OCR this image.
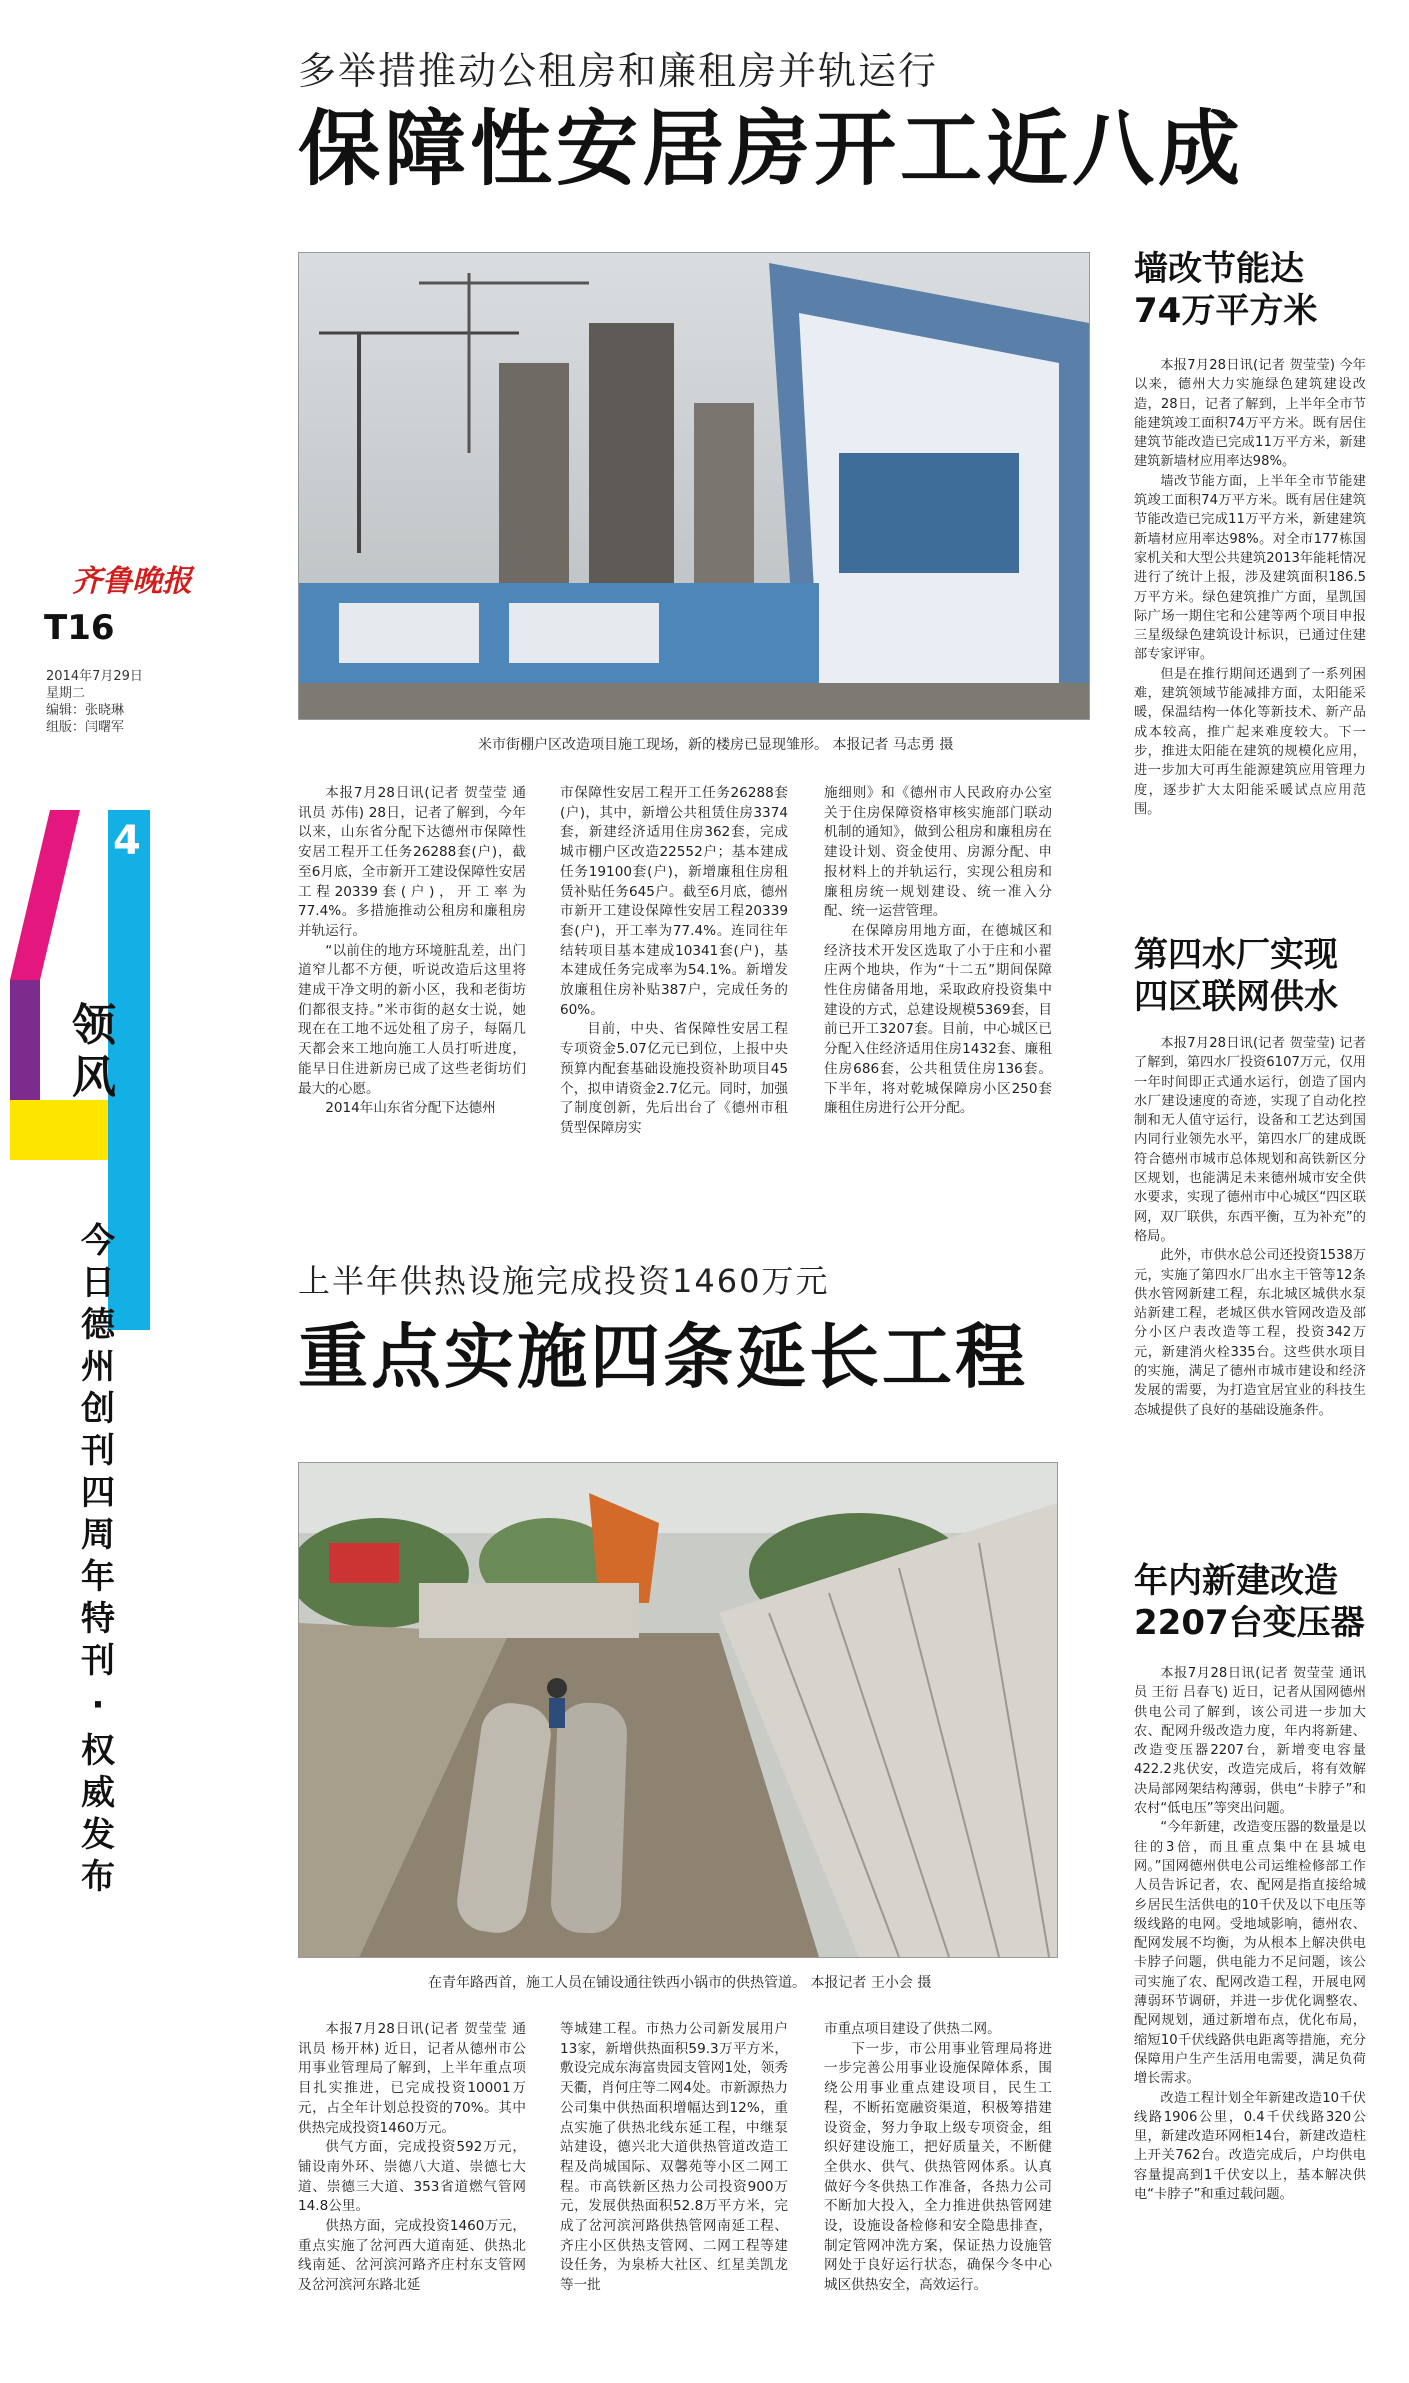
齐鲁晚报
T16
2014年7月29日
星期二
编辑：张晓琳
组版：闫曙军
4
领风
今日德州创刊四周年特刊
·
权威发布
多举措推动公租房和廉租房并轨运行
保障性安居房开工近八成
米市街棚户区改造项目施工现场，新的楼房已显现雏形。 本报记者 马志勇 摄

本报7月28日讯(记者 贺莹莹 通讯员 苏伟) 28日，记者了解到，今年以来，山东省分配下达德州市保障性安居工程开工任务26288套(户)，截至6月底，全市新开工建设保障性安居工程20339套(户)，开工率为77.4%。多措施推动公租房和廉租房并轨运行。

“以前住的地方环境脏乱差，出门道窄儿都不方便，听说改造后这里将建成干净文明的新小区，我和老街坊们都很支持。”米市街的赵女士说，她现在在工地不远处租了房子，每隔几天都会来工地向施工人员打听进度，能早日住进新房已成了这些老街坊们最大的心愿。

2014年山东省分配下达德州

市保障性安居工程开工任务26288套(户)，其中，新增公共租赁住房3374套，新建经济适用住房362套，完成城市棚户区改造22552户；基本建成任务19100套(户)，新增廉租住房租赁补贴任务645户。截至6月底，德州市新开工建设保障性安居工程20339套(户)，开工率为77.4%。连同往年结转项目基本建成10341套(户)，基本建成任务完成率为54.1%。新增发放廉租住房补贴387户，完成任务的60%。

目前，中央、省保障性安居工程专项资金5.07亿元已到位，上报中央预算内配套基础设施投资补助项目45个，拟申请资金2.7亿元。同时，加强了制度创新，先后出台了《德州市租赁型保障房实

施细则》和《德州市人民政府办公室关于住房保障资格审核实施部门联动机制的通知》，做到公租房和廉租房在建设计划、资金使用、房源分配、申报材料上的并轨运行，实现公租房和廉租房统一规划建设、统一准入分配、统一运营管理。

在保障房用地方面，在德城区和经济技术开发区选取了小于庄和小翟庄两个地块，作为“十二五”期间保障性住房储备用地，采取政府投资集中建设的方式，总建设规模5369套，目前已开工3207套。目前，中心城区已分配入住经济适用住房1432套、廉租住房686套，公共租赁住房136套。下半年，将对乾城保障房小区250套廉租住房进行公开分配。

上半年供热设施完成投资1460万元
重点实施四条延长工程
在青年路西首，施工人员在铺设通往铁西小锅市的供热管道。 本报记者 王小会 摄

本报7月28日讯(记者 贺莹莹 通讯员 杨开林) 近日，记者从德州市公用事业管理局了解到，上半年重点项目扎实推进，已完成投资10001万元，占全年计划总投资的70%。其中供热完成投资1460万元。

供气方面，完成投资592万元，铺设南外环、崇德八大道、崇德七大道、崇德三大道、353省道燃气管网14.8公里。

供热方面，完成投资1460万元，重点实施了岔河西大道南延、供热北线南延、岔河滨河路齐庄村东支管网及岔河滨河东路北延

等城建工程。市热力公司新发展用户13家，新增供热面积59.3万平方米，敷设完成东海富贵园支管网1处，领秀天衢，肖何庄等二网4处。市新源热力公司集中供热面积增幅达到12%，重点实施了供热北线东延工程，中继泵站建设，德兴北大道供热管道改造工程及尚城国际、双馨苑等小区二网工程。市高铁新区热力公司投资900万元，发展供热面积52.8万平方米，完成了岔河滨河路供热管网南延工程、齐庄小区供热支管网、二网工程等建设任务，为泉桥大社区、红星美凯龙等一批

市重点项目建设了供热二网。

下一步，市公用事业管理局将进一步完善公用事业设施保障体系，围绕公用事业重点建设项目，民生工程，不断拓宽融资渠道，积极筹措建设资金，努力争取上级专项资金，组织好建设施工，把好质量关，不断健全供水、供气、供热管网体系。认真做好今冬供热工作准备，各热力公司不断加大投入，全力推进供热管网建设，设施设备检修和安全隐患排查，制定管网冲洗方案，保证热力设施管网处于良好运行状态，确保今冬中心城区供热安全，高效运行。

墙改节能达
74万平方米

本报7月28日讯(记者 贺莹莹) 今年以来，德州大力实施绿色建筑建设改造，28日，记者了解到，上半年全市节能建筑竣工面积74万平方米。既有居住建筑节能改造已完成11万平方米，新建建筑新墙材应用率达98%。

墙改节能方面，上半年全市节能建筑竣工面积74万平方米。既有居住建筑节能改造已完成11万平方米，新建建筑新墙材应用率达98%。对全市177栋国家机关和大型公共建筑2013年能耗情况进行了统计上报，涉及建筑面积186.5万平方米。绿色建筑推广方面，星凯国际广场一期住宅和公建等两个项目申报三星级绿色建筑设计标识，已通过住建部专家评审。

但是在推行期间还遇到了一系列困难，建筑领域节能减排方面，太阳能采暖，保温结构一体化等新技术、新产品成本较高，推广起来难度较大。下一步，推进太阳能在建筑的规模化应用，进一步加大可再生能源建筑应用管理力度，逐步扩大太阳能采暖试点应用范围。

第四水厂实现
四区联网供水

本报7月28日讯(记者 贺莹莹) 记者了解到，第四水厂投资6107万元，仅用一年时间即正式通水运行，创造了国内水厂建设速度的奇迹，实现了自动化控制和无人值守运行，设备和工艺达到国内同行业领先水平，第四水厂的建成既符合德州市城市总体规划和高铁新区分区规划，也能满足未来德州城市安全供水要求，实现了德州市中心城区“四区联网，双厂联供，东西平衡，互为补充”的格局。

此外，市供水总公司还投资1538万元，实施了第四水厂出水主干管等12条供水管网新建工程，东北城区城供水泵站新建工程，老城区供水管网改造及部分小区户表改造等工程，投资342万元，新建消火栓335台。这些供水项目的实施，满足了德州市城市建设和经济发展的需要，为打造宜居宜业的科技生态城提供了良好的基础设施条件。

年内新建改造
2207台变压器

本报7月28日讯(记者 贺莹莹 通讯员 王衍 吕春飞) 近日，记者从国网德州供电公司了解到，该公司进一步加大农、配网升级改造力度，年内将新建、改造变压器2207台，新增变电容量422.2兆伏安，改造完成后，将有效解决局部网架结构薄弱，供电“卡脖子”和农村“低电压”等突出问题。

“今年新建，改造变压器的数量是以往的3倍，而且重点集中在县城电网。”国网德州供电公司运维检修部工作人员告诉记者，农、配网是指直接给城乡居民生活供电的10千伏及以下电压等级线路的电网。受地域影响，德州农、配网发展不均衡，为从根本上解决供电卡脖子问题，供电能力不足问题，该公司实施了农、配网改造工程，开展电网薄弱环节调研，并进一步优化调整农、配网规划，通过新增布点，优化布局，缩短10千伏线路供电距离等措施，充分保障用户生产生活用电需要，满足负荷增长需求。

改造工程计划全年新建改造10千伏线路1906公里，0.4千伏线路320公里，新建改造环网柜14台，新建改造柱上开关762台。改造完成后，户均供电容量提高到1千伏安以上，基本解决供电“卡脖子”和重过载问题。
